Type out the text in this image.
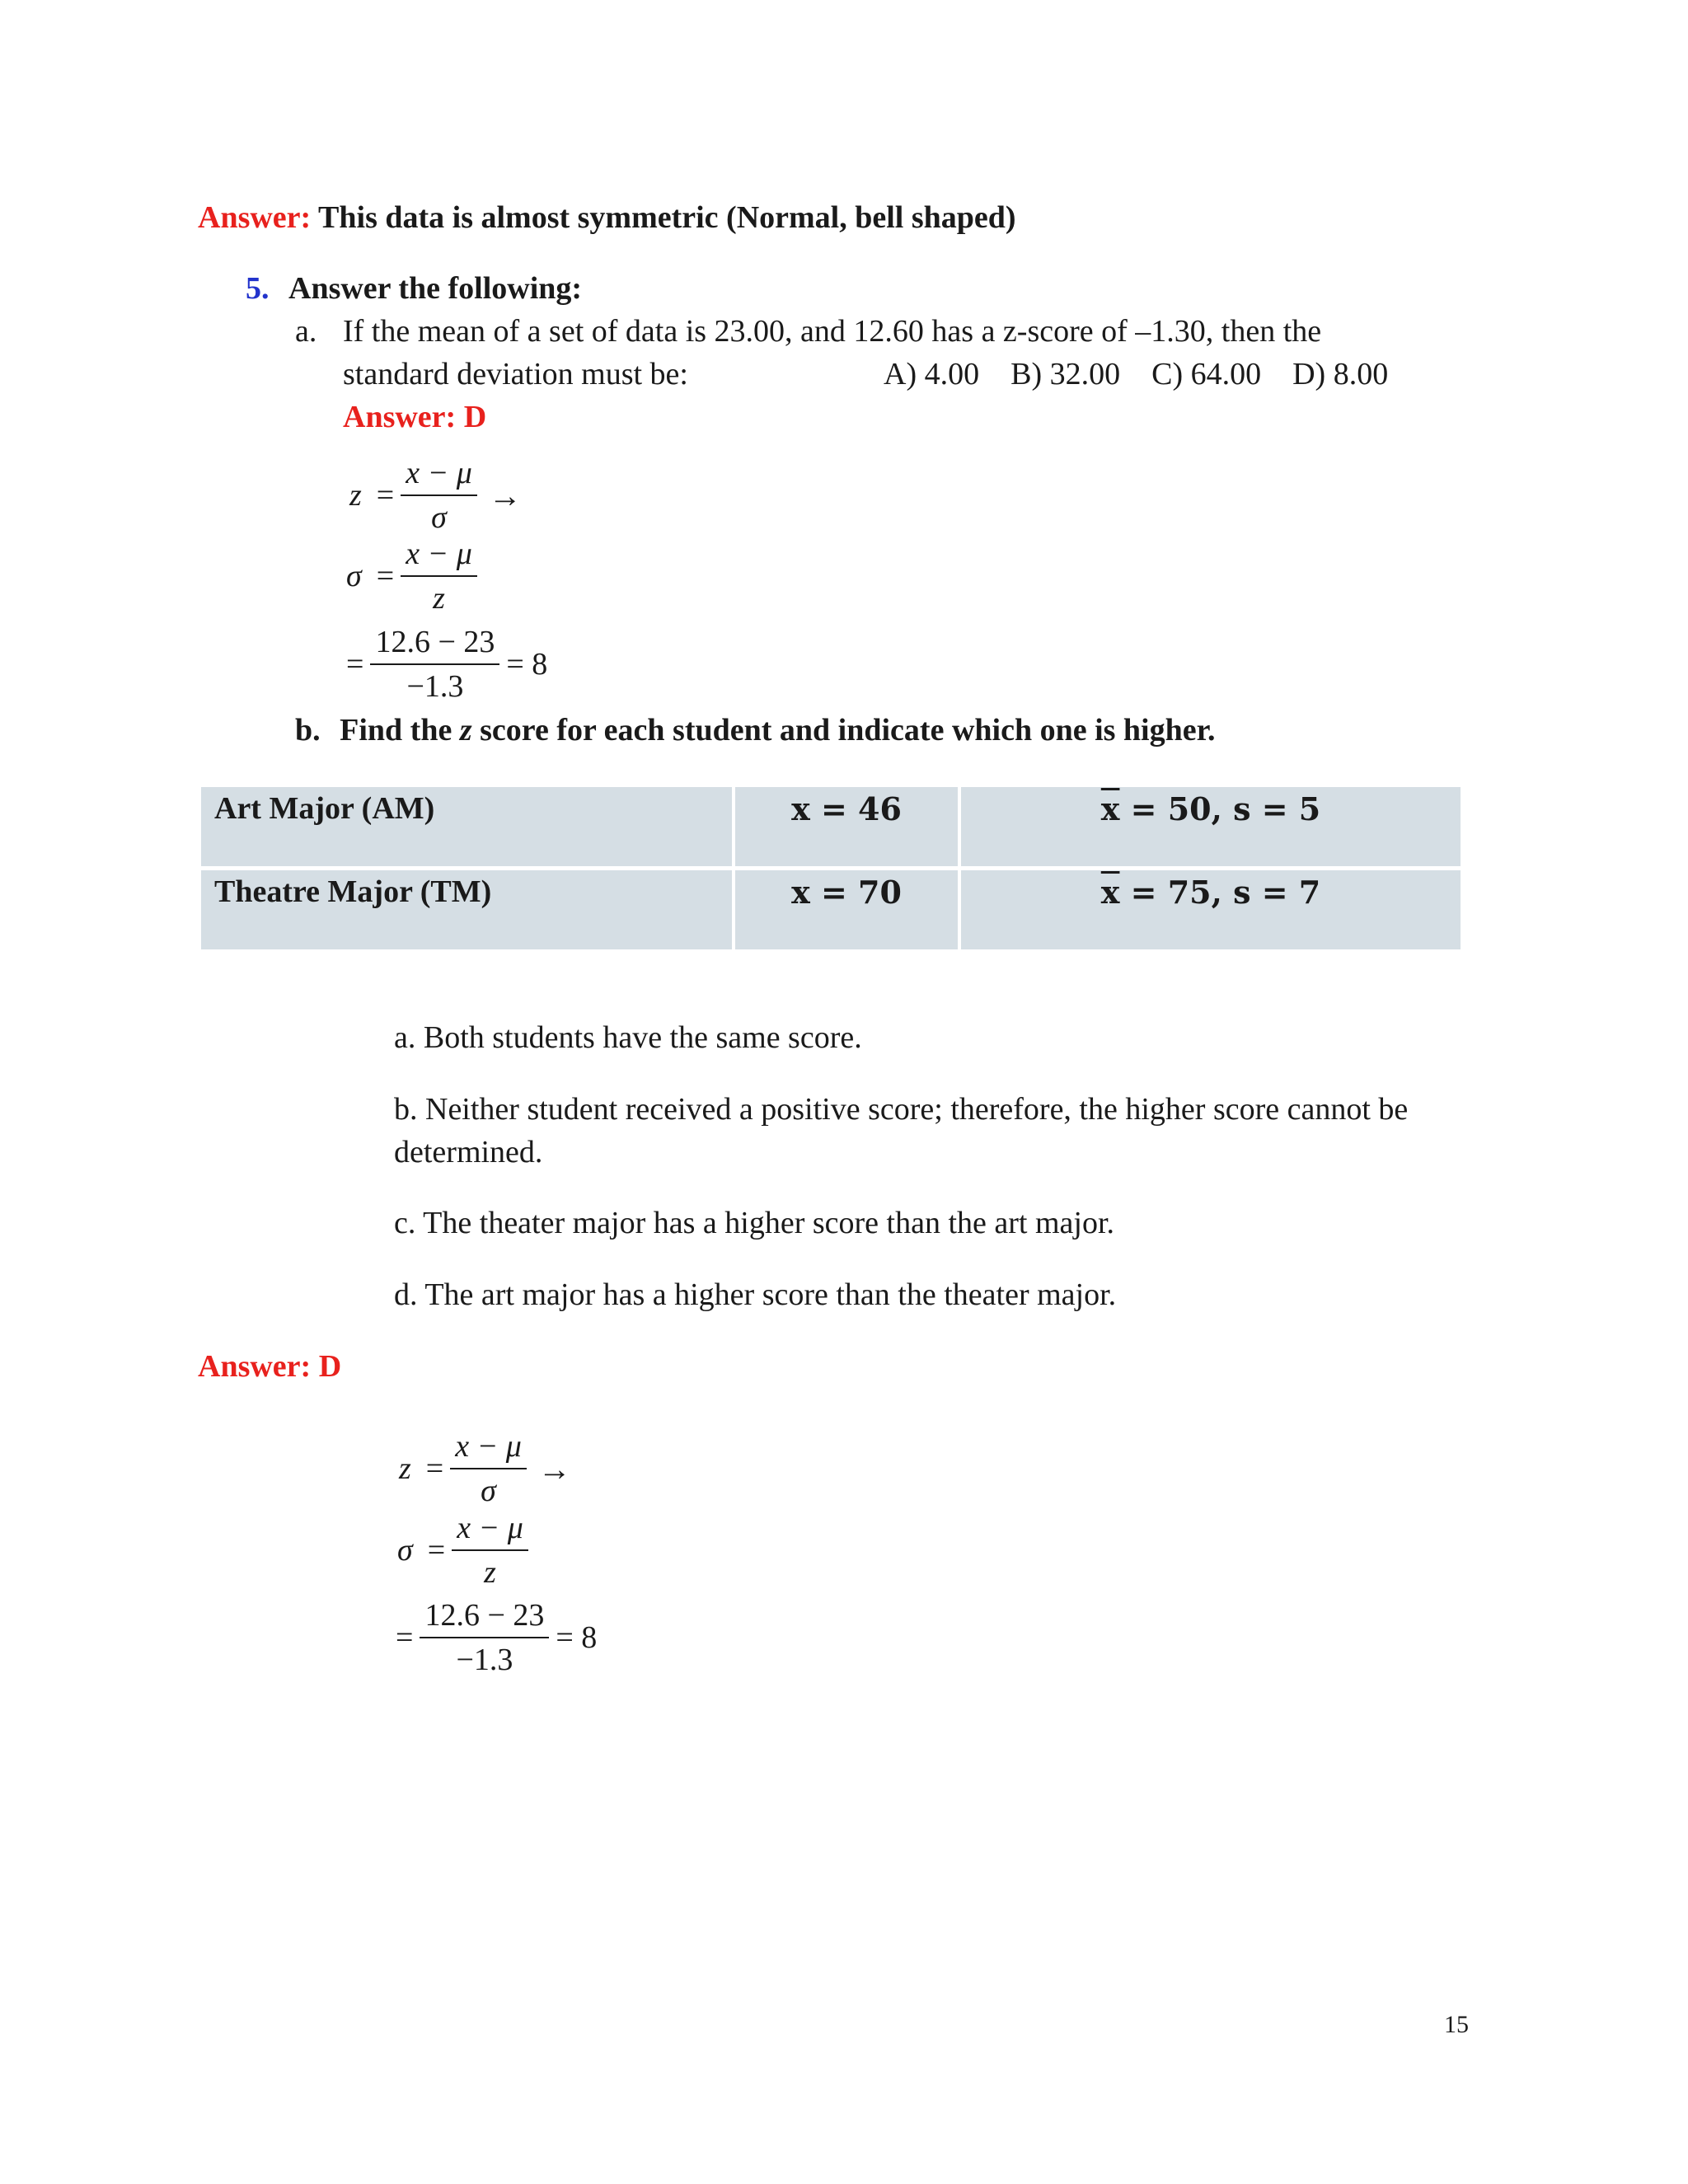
Answer: This data is almost symmetric (Normal, bell shaped)
5. Answer the following:
a. If the mean of a set of data is 23.00, and 12.60 has a z-score of –1.30, then the
standard deviation must be:	A) 4.00    B) 32.00    C) 64.00    D) 8.00
Answer: D
$z = \frac{x - \mu}{\sigma}$ →
$\sigma = \frac{x - \mu}{z}$
= $\frac{12.6 - 23}{-1.3} = 8$
b. Find the z score for each student and indicate which one is higher.
Art Major (AM)	x = 46	$\overline{x} = 50$, s = 5
Theatre Major (TM)	x = 70	$\overline{x} = 75$, s = 7
a. Both students have the same score.
b. Neither student received a positive score; therefore, the higher score cannot be
determined.
c. The theater major has a higher score than the art major.
d. The art major has a higher score than the theater major.
Answer: D
$z = \frac{x - \mu}{\sigma}$ →
$\sigma = \frac{x - \mu}{z}$
= $\frac{12.6 - 23}{-1.3} = 8$
15
